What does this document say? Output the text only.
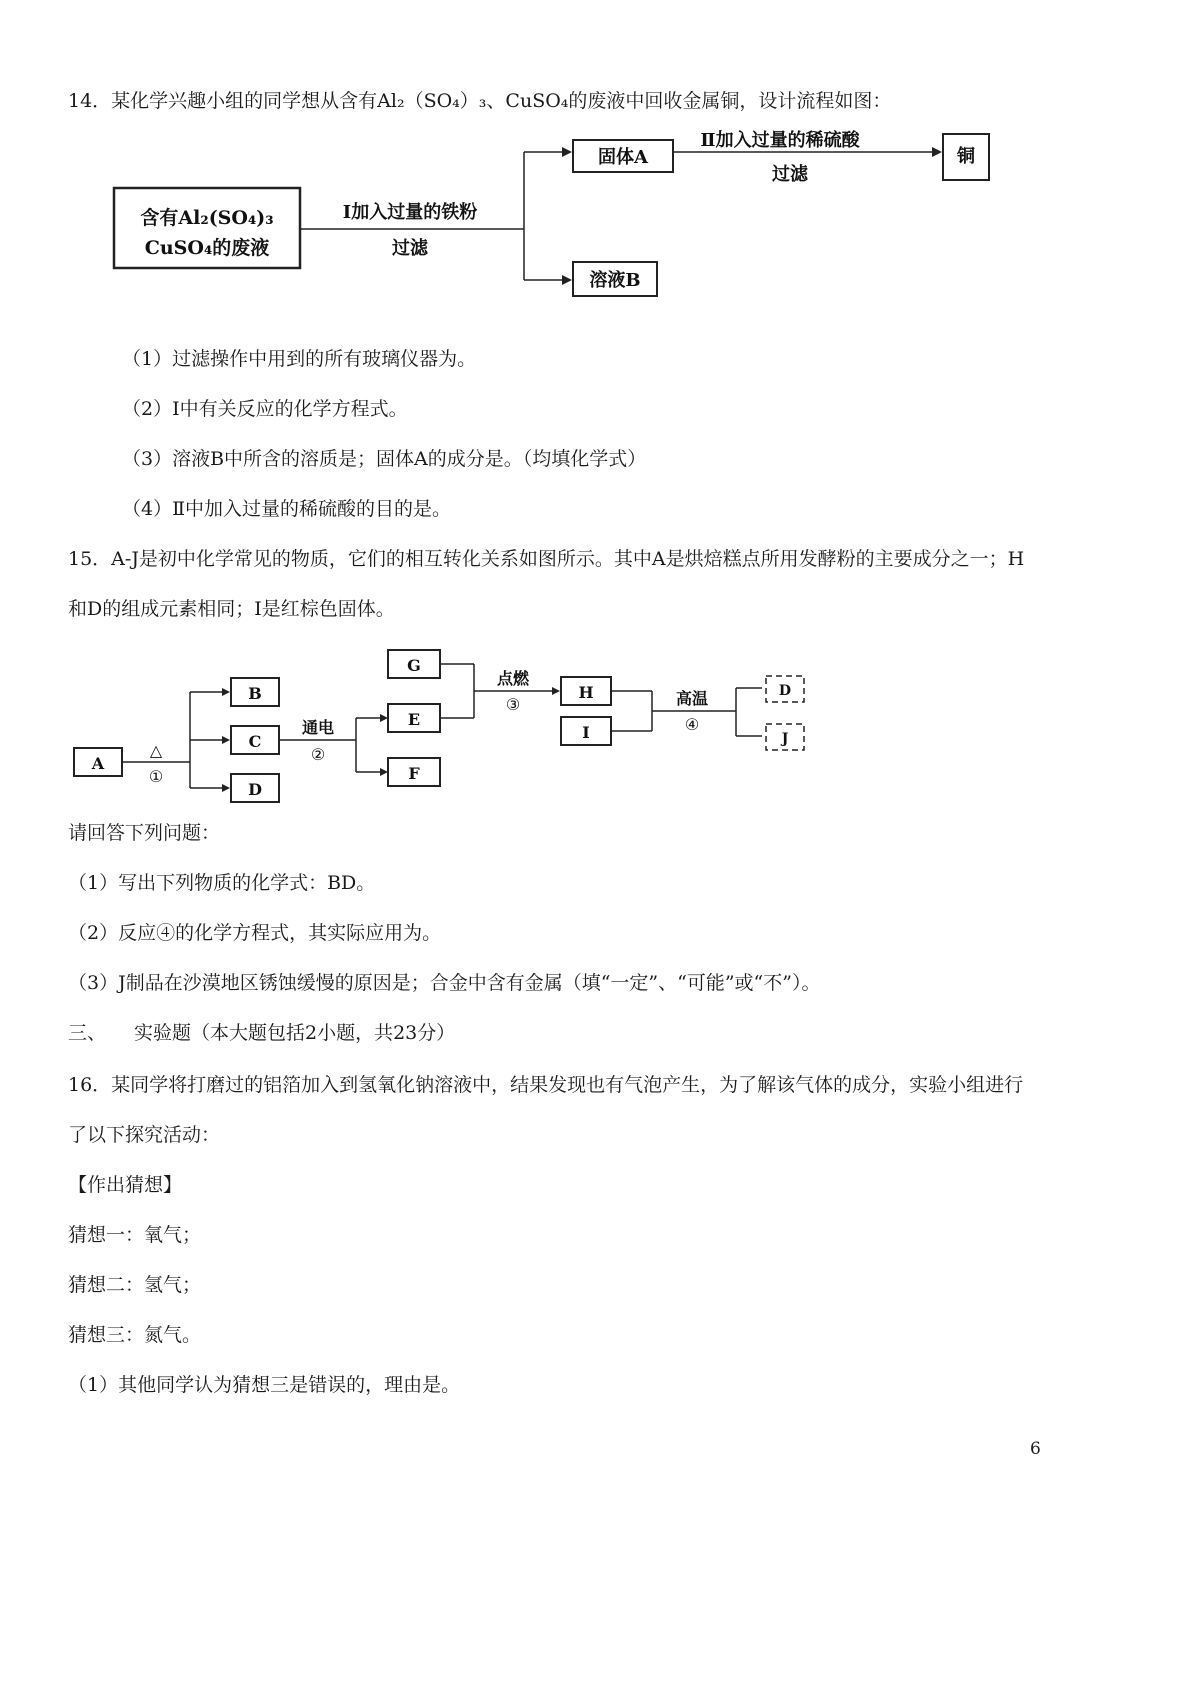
14．某化学兴趣小组的同学想从含有Al₂（SO₄）₃、CuSO₄的废液中回收金属铜，设计流程如图：
含有Al₂(SO₄)₃
CuSO₄的废液
Ⅰ加入过量的铁粉
过滤
固体A
溶液B
Ⅱ加入过量的稀硫酸
过滤
铜
（1）过滤操作中用到的所有玻璃仪器为。
（2）Ⅰ中有关反应的化学方程式。
（3）溶液B中所含的溶质是；固体A的成分是。（均填化学式）
（4）Ⅱ中加入过量的稀硫酸的目的是。
15．A-J是初中化学常见的物质，它们的相互转化关系如图所示。其中A是烘焙糕点所用发酵粉的主要成分之一；H
和D的组成元素相同；I是红棕色固体。
A
△
①
B
C
D
通电
②
G
E
F
点燃
③
H
I
高温
④
D
J
请回答下列问题：
（1）写出下列物质的化学式：BD。
（2）反应④的化学方程式，其实际应用为。
（3）J制品在沙漠地区锈蚀缓慢的原因是；合金中含有金属（填“一定”、“可能”或“不”）。
三、 实验题（本大题包括2小题，共23分）
16．某同学将打磨过的铝箔加入到氢氧化钠溶液中，结果发现也有气泡产生，为了解该气体的成分，实验小组进行
了以下探究活动：
【作出猜想】
猜想一：氧气；
猜想二：氢气；
猜想三：氮气。
（1）其他同学认为猜想三是错误的，理由是。
6
